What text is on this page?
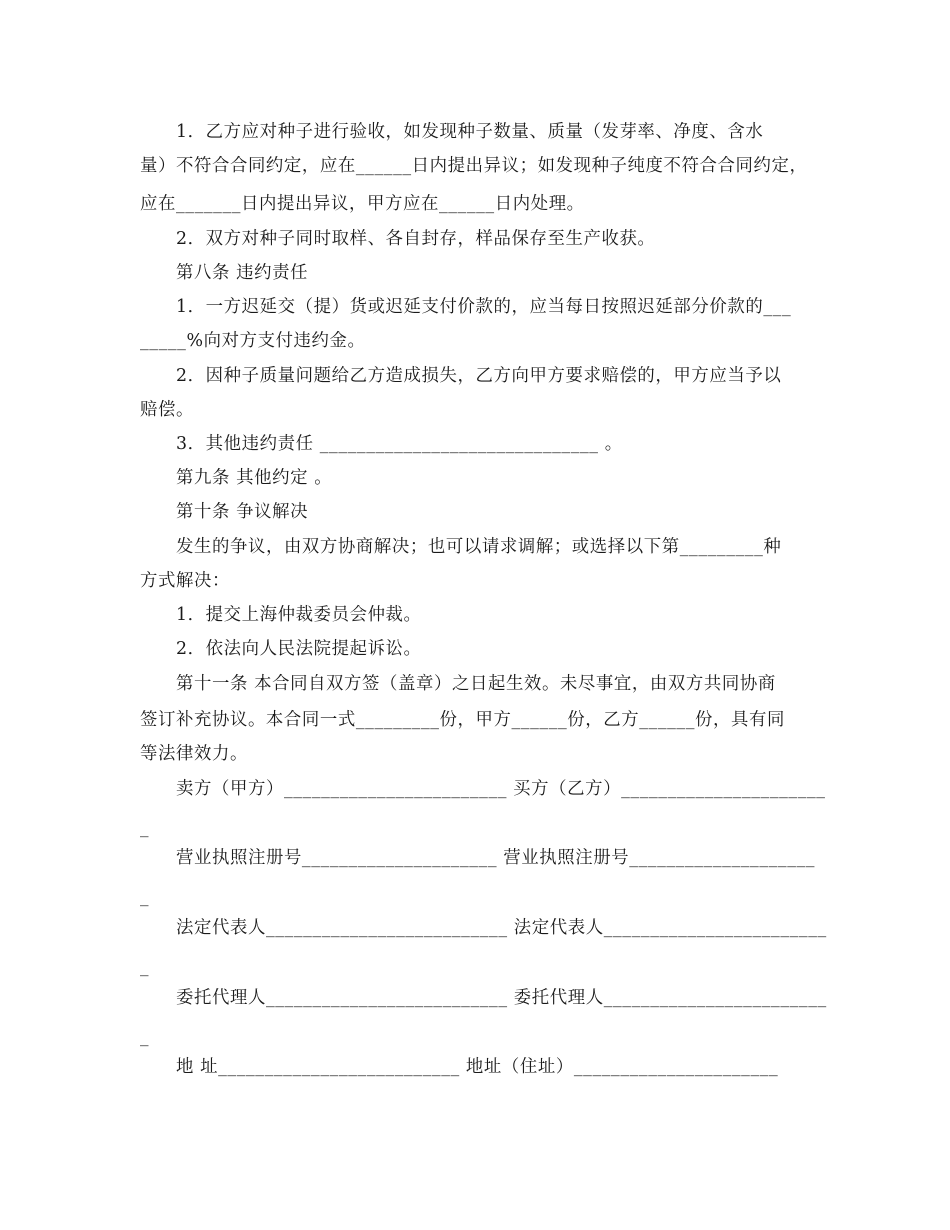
1．乙方应对种子进行验收，如发现种子数量、质量（发芽率、净度、含水
量）不符合合同约定，应在______日内提出异议；如发现种子纯度不符合合同约定，
应在_______日内提出异议，甲方应在______日内处理。
2．双方对种子同时取样、各自封存，样品保存至生产收获。
第八条 违约责任
1．一方迟延交（提）货或迟延支付价款的，应当每日按照迟延部分价款的___
_____%向对方支付违约金。
2．因种子质量问题给乙方造成损失，乙方向甲方要求赔偿的，甲方应当予以
赔偿。
3．其他违约责任 ______________________________ 。
第九条 其他约定 。
第十条 争议解决
发生的争议，由双方协商解决；也可以请求调解；或选择以下第_________种
方式解决：
1．提交上海仲裁委员会仲裁。
2．依法向人民法院提起诉讼。
第十一条 本合同自双方签（盖章）之日起生效。未尽事宜，由双方共同协商
签订补充协议。本合同一式_________份，甲方______份，乙方______份，具有同
等法律效力。
卖方（甲方）________________________ 买方（乙方）______________________
_
营业执照注册号_____________________ 营业执照注册号____________________
_
法定代表人__________________________ 法定代表人________________________
_
委托代理人__________________________ 委托代理人________________________
_
地 址__________________________ 地址（住址）______________________
